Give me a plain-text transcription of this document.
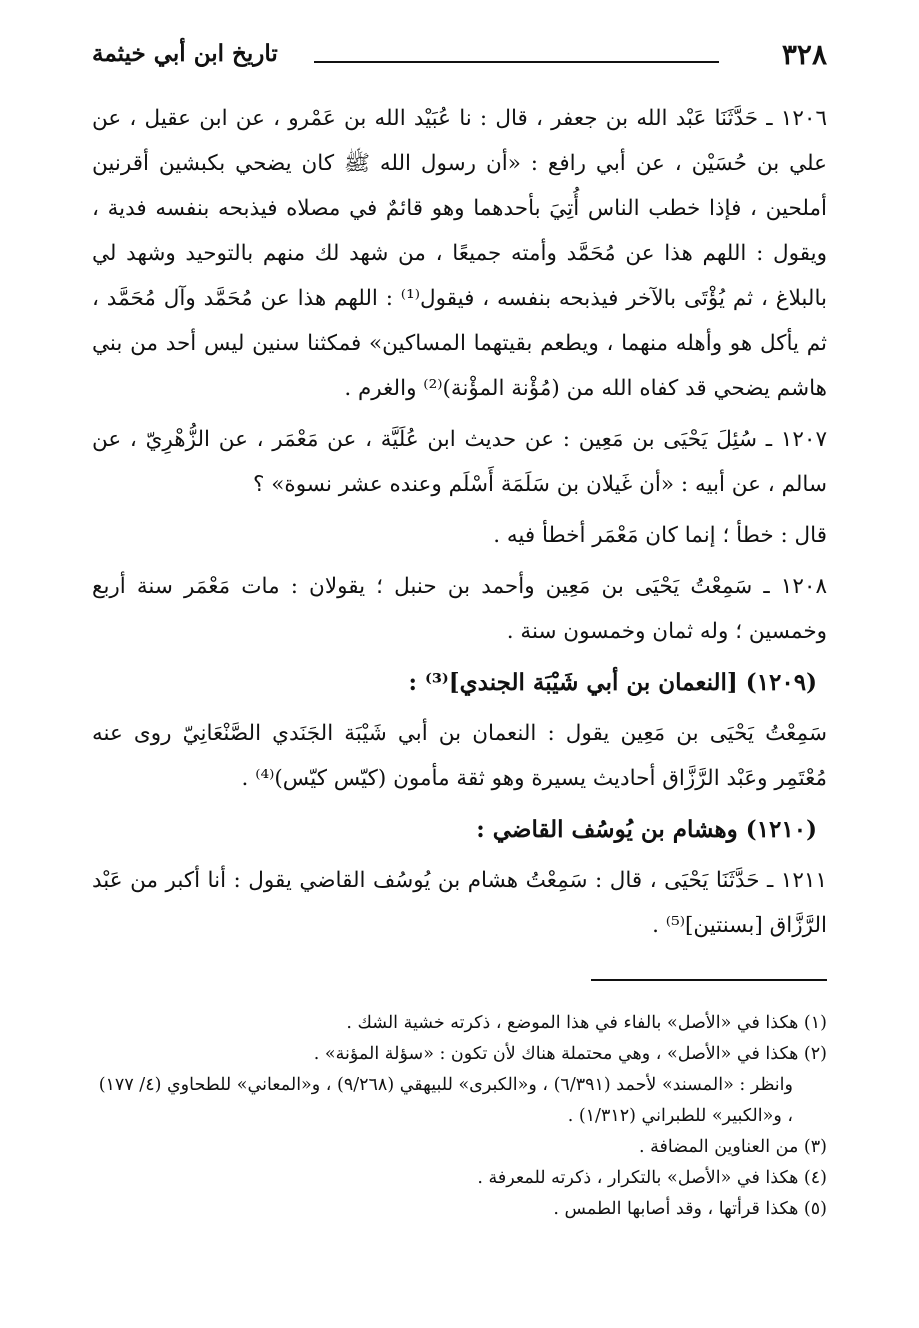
٣٢٨
تاريخ ابن أبي خيثمة

١٢٠٦ ـ حَدَّثَنَا عَبْد الله بن جعفر ، قال : نا عُبَيْد الله بن عَمْرو ، عن ابن عقيل ، عن علي بن حُسَيْن ، عن أبي رافع : «أن رسول الله ﷺ كان يضحي بكبشين أقرنين أملحين ، فإذا خطب الناس أُتِيَ بأحدهما وهو قائمٌ في مصلاه فيذبحه بنفسه فدية ، ويقول : اللهم هذا عن مُحَمَّد وأمته جميعًا ، من شهد لك منهم بالتوحيد وشهد لي بالبلاغ ، ثم يُؤْتَى بالآخر فيذبحه بنفسه ، فيقول⁽¹⁾ : اللهم هذا عن مُحَمَّد وآل مُحَمَّد ، ثم يأكل هو وأهله منهما ، ويطعم بقيتهما المساكين» فمكثنا سنين ليس أحد من بني هاشم يضحي قد كفاه الله من (مُؤْنة المؤْنة)⁽²⁾ والغرم .

١٢٠٧ ـ سُئِلَ يَحْيَى بن مَعِين : عن حديث ابن عُلَيَّة ، عن مَعْمَر ، عن الزُّهْرِيّ ، عن سالم ، عن أبيه : «أن غَيلان بن سَلَمَة أَسْلَم وعنده عشر نسوة» ؟

قال : خطأ ؛ إنما كان مَعْمَر أخطأ فيه .

١٢٠٨ ـ سَمِعْتُ يَحْيَى بن مَعِين وأحمد بن حنبل ؛ يقولان : مات مَعْمَر سنة أربع وخمسين ؛ وله ثمان وخمسون سنة .

(١٢٠٩) [النعمان بن أبي شَيْبَة الجندي]⁽³⁾ :

سَمِعْتُ يَحْيَى بن مَعِين يقول : النعمان بن أبي شَيْبَة الجَنَدي الصَّنْعَانِيّ روى عنه مُعْتَمِر وعَبْد الرَّزَّاق أحاديث يسيرة وهو ثقة مأمون (كيّس كيّس)⁽⁴⁾ .

(١٢١٠) وهشام بن يُوسُف القاضي :

١٢١١ ـ حَدَّثَنَا يَحْيَى ، قال : سَمِعْتُ هشام بن يُوسُف القاضي يقول : أنا أكبر من عَبْد الرَّزَّاق [بسنتين]⁽⁵⁾ .

(١) هكذا في «الأصل» بالفاء في هذا الموضع ، ذكرته خشية الشك .

(٢) هكذا في «الأصل» ، وهي محتملة هناك لأن تكون : «سؤلة المؤنة» .

وانظر : «المسند» لأحمد (٦/٣٩١) ، و«الكبرى» للبيهقي (٩/٢٦٨) ، و«المعاني» للطحاوي (٤/ ١٧٧) ، و«الكبير» للطبراني (١/٣١٢) .

(٣) من العناوين المضافة .

(٤) هكذا في «الأصل» بالتكرار ، ذكرته للمعرفة .

(٥) هكذا قرأتها ، وقد أصابها الطمس .
